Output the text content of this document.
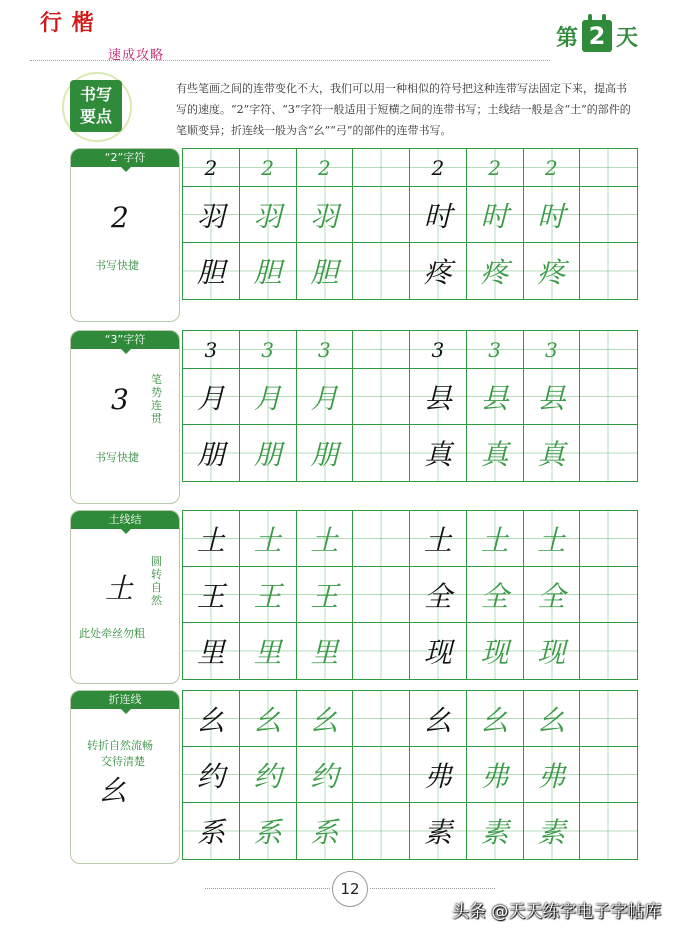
行 楷
速成攻略
第 2 天
书写
要点
有些笔画之间的连带变化不大，我们可以用一种相似的符号把这种连带写法固定下来，提高书写的速度。“2”字符、“3”字符一般适用于短横之间的连带书写；土线结一般是含“土”的部件的笔顺变异；折连线一般为含“幺”“弓”的部件的连带书写。
“2”字符
2
书写快捷
2	2	2	2	2	2
羽	羽	羽	时	时	时
胆	胆	胆	疼	疼	疼
“3”字符
3
书写快捷
笔势连贯
3	3	3	3	3	3
月	月	月	县	县	县
朋	朋	朋	真	真	真
土线结
土
此处牵丝勿粗
圆转自然
土	土	土	土	土	土
王	王	王	全	全	全
里	里	里	现	现	现
折连线
幺
转折自然流畅
交待清楚
幺	幺	幺	幺	幺	幺
约	约	约	弗	弗	弗
系	系	系	素	素	素
12
头条 @天天练字电子字帖库
